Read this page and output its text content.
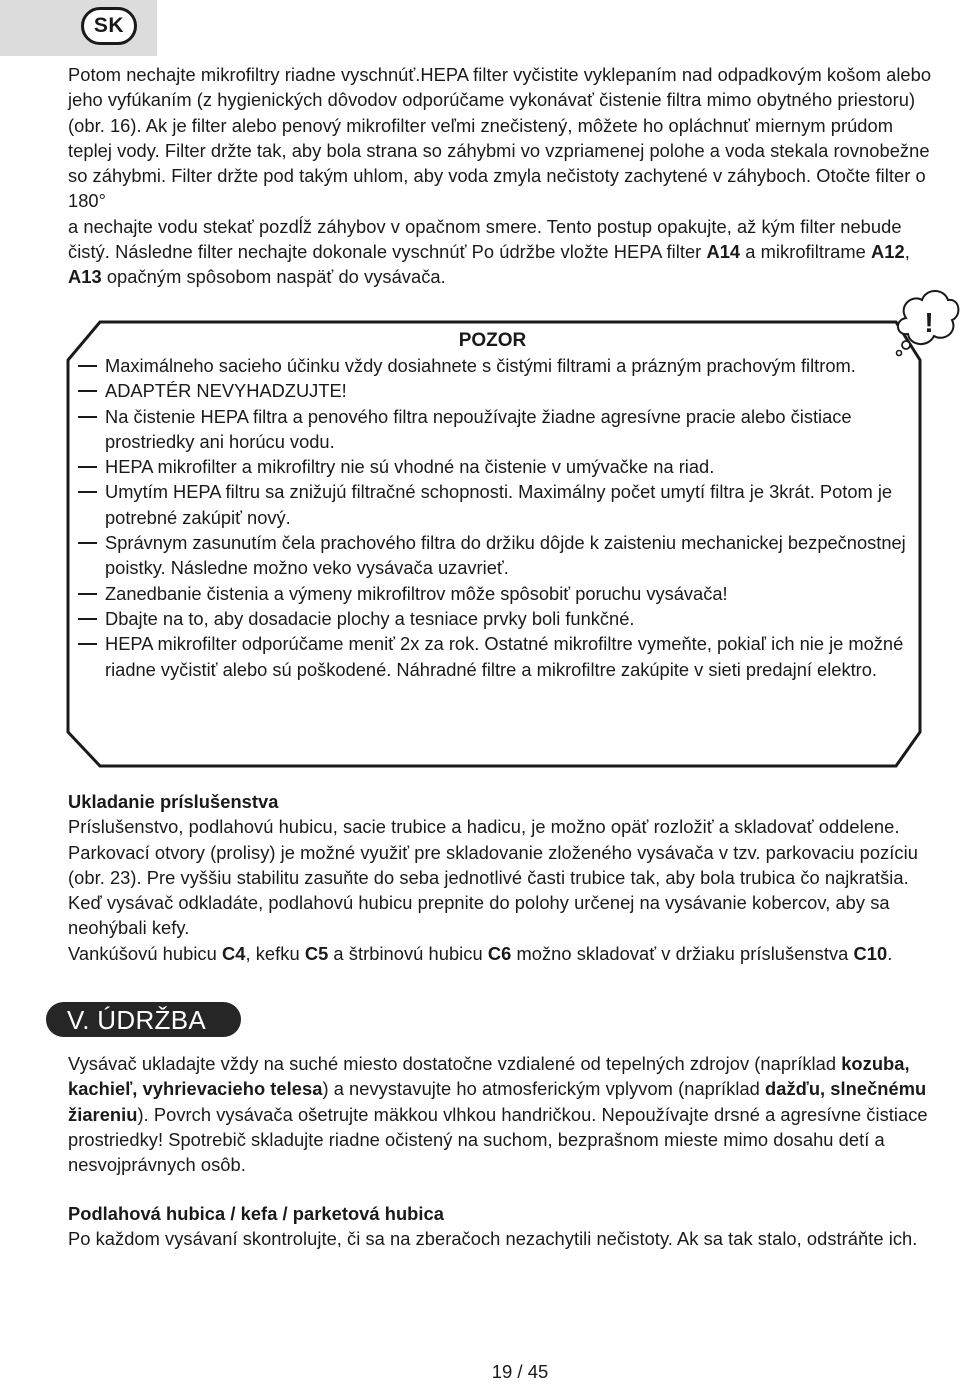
SK

Potom nechajte mikrofiltry riadne vyschnúť.HEPA filter vyčistite vyklepaním nad odpadkovým košom alebo jeho vyfúkaním (z hygienických dôvodov odporúčame vykonávať čistenie filtra mimo obytného priestoru) (obr. 16). Ak je filter alebo penový mikrofilter veľmi znečistený, môžete ho opláchnuť miernym prúdom teplej vody. Filter držte tak, aby bola strana so záhybmi vo vzpriamenej polohe a voda stekala rovnobežne so záhybmi. Filter držte pod takým uhlom, aby voda zmyla nečistoty zachytené v záhyboch. Otočte filter o 180°
a nechajte vodu stekať pozdĺž záhybov v opačnom smere. Tento postup opakujte, až kým filter nebude čistý. Následne filter nechajte dokonale vyschnúť Po údržbe vložte HEPA filter A14 a mikrofiltrame A12, A13 opačným spôsobom naspäť do vysávača.

!
POZOR
Maximálneho sacieho účinku vždy dosiahnete s čistými filtrami a prázným prachovým filtrom.
ADAPTÉR NEVYHADZUJTE!
Na čistenie HEPA filtra a penového filtra nepoužívajte žiadne agresívne pracie alebo čistiace prostriedky ani horúcu vodu.
HEPA mikrofilter a mikrofiltry nie sú vhodné na čistenie v umývačke na riad.
Umytím HEPA filtru sa znižujú filtračné schopnosti. Maximálny počet umytí filtra je 3krát. Potom je potrebné zakúpiť nový.
Správnym zasunutím čela prachového filtra do držiku dôjde k zaisteniu mechanickej bezpečnostnej poistky. Následne možno veko vysávača uzavrieť.
Zanedbanie čistenia a výmeny mikrofiltrov môže spôsobiť poruchu vysávača!
Dbajte na to, aby dosadacie plochy a tesniace prvky boli funkčné.
HEPA mikrofilter odporúčame meniť 2x za rok. Ostatné mikrofiltre vymeňte, pokiaľ ich nie je možné riadne vyčistiť alebo sú poškodené. Náhradné filtre a mikrofiltre zakúpite v sieti predajní elektro.
Ukladanie príslušenstva
Príslušenstvo, podlahovú hubicu, sacie trubice a hadicu, je možno opäť rozložiť a skladovať oddelene. Parkovací otvory (prolisy) je možné využiť pre skladovanie zloženého vysávača v tzv. parkovaciu pozíciu (obr. 23). Pre vyššiu stabilitu zasuňte do seba jednotlivé časti trubice tak, aby bola trubica čo najkratšia. Keď vysávač odkladáte, podlahovú hubicu prepnite do polohy určenej na vysávanie kobercov, aby sa neohýbali kefy.
Vankúšovú hubicu C4, kefku C5 a štrbinovú hubicu C6 možno skladovať v držiaku príslušenstva C10.
V. ÚDRŽBA

Vysávač ukladajte vždy na suché miesto dostatočne vzdialené od tepelných zdrojov (napríklad kozuba, kachieľ, vyhrievacieho telesa) a nevystavujte ho atmosferickým vplyvom (napríklad dažďu, slnečnému žiareniu). Povrch vysávača ošetrujte mäkkou vlhkou handričkou. Nepoužívajte drsné a agresívne čistiace prostriedky! Spotrebič skladujte riadne očistený na suchom, bezprašnom mieste mimo dosahu detí a nesvojprávnych osôb.

Podlahová hubica / kefa / parketová hubica
Po každom vysávaní skontrolujte, či sa na zberačoch nezachytili nečistoty. Ak sa tak stalo, odstráňte ich.
19 / 45
